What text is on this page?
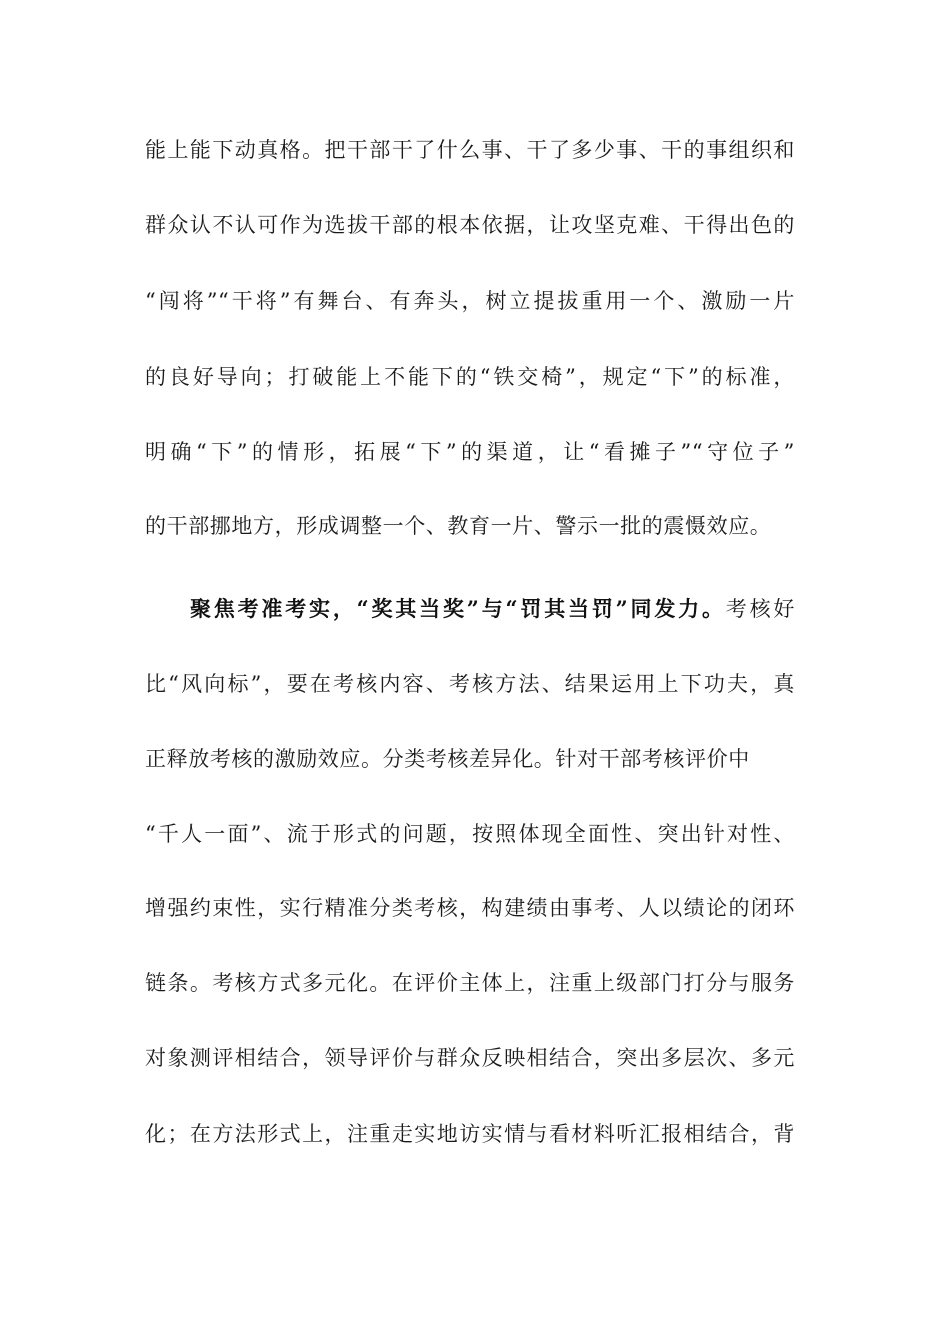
能上能下动真格。把干部干了什么事、干了多少事、干的事组织和
群众认不认可作为选拔干部的根本依据，让攻坚克难、干得出色的
“闯将”“干将”有舞台、有奔头，树立提拔重用一个、激励一片
的良好导向；打破能上不能下的“铁交椅”，规定“下”的标准，
明确“下”的情形，拓展“下”的渠道，让“看摊子”“守位子”
的干部挪地方，形成调整一个、教育一片、警示一批的震慑效应。
聚焦考准考实，“奖其当奖”与“罚其当罚”同发力。考核好
比“风向标”，要在考核内容、考核方法、结果运用上下功夫，真
正释放考核的激励效应。分类考核差异化。针对干部考核评价中
“千人一面”、流于形式的问题，按照体现全面性、突出针对性、
增强约束性，实行精准分类考核，构建绩由事考、人以绩论的闭环
链条。考核方式多元化。在评价主体上，注重上级部门打分与服务
对象测评相结合，领导评价与群众反映相结合，突出多层次、多元
化；在方法形式上，注重走实地访实情与看材料听汇报相结合，背
